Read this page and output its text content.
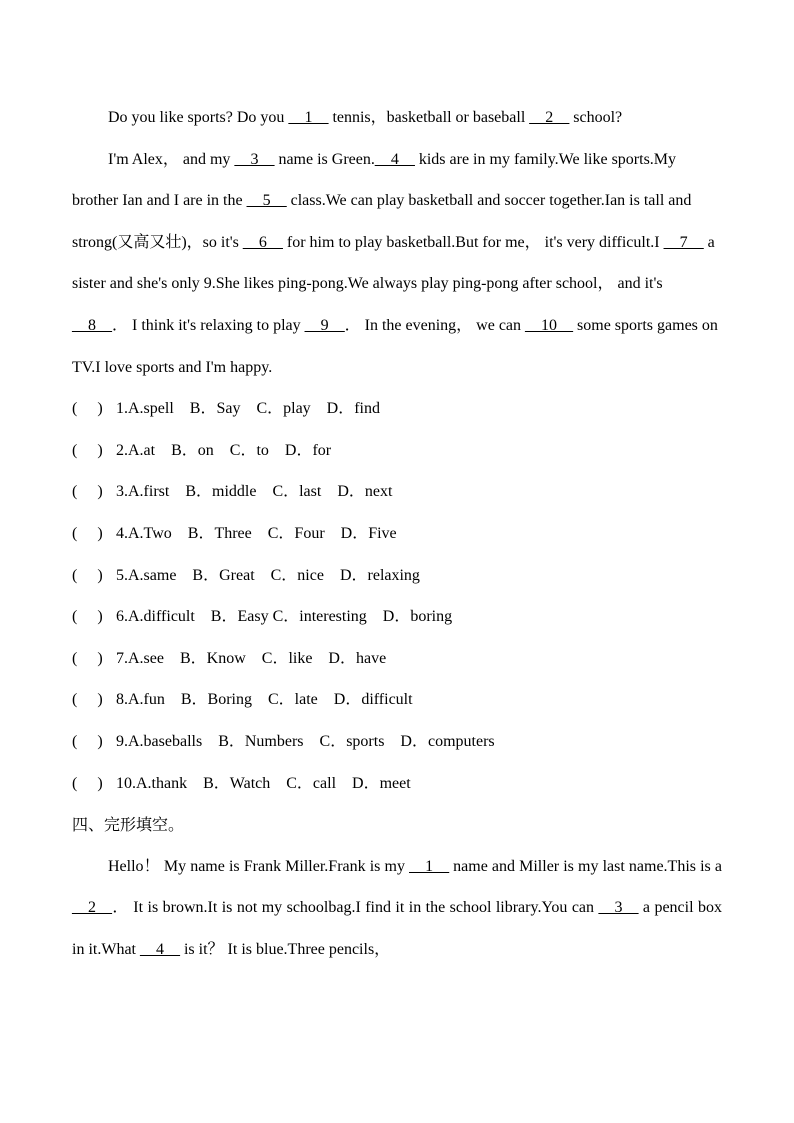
Do you like sports? Do you __1__ tennis，basketball or baseball __2__ school?

I'm Alex， and my __3__ name is Green.__4__ kids are in my family.We like sports.My brother Ian and I are in the __5__ class.We can play basketball and soccer together.Ian is tall and strong(又高又壮)，so it's __6__ for him to play basketball.But for me， it's very difficult.I __7__ a sister and she's only 9.She likes ping-pong.We always play ping-pong after school， and it's __8__． I think it's relaxing to play __9__． In the evening， we can __10__ some sports games on TV.I love sports and I'm happy.

(     ) 1.A.spell    B．Say    C．play    D．find
(     ) 2.A.at    B．on    C．to    D．for
(     ) 3.A.first    B．middle    C．last    D．next
(     ) 4.A.Two    B．Three    C．Four    D．Five
(     ) 5.A.same    B．Great    C．nice    D．relaxing
(     ) 6.A.difficult    B．Easy C．interesting    D．boring
(     ) 7.A.see    B．Know    C．like    D．have
(     ) 8.A.fun    B．Boring    C．late    D．difficult
(     ) 9.A.baseballs    B．Numbers    C．sports    D．computers
(     ) 10.A.thank    B．Watch    C．call    D．meet

四、完形填空。

Hello！ My name is Frank Miller.Frank is my __1__ name and Miller is my last name.This is a __2__． It is brown.It is not my schoolbag.I find it in the school library.You can __3__ a pencil box in it.What __4__ is it？ It is blue.Three pencils，
